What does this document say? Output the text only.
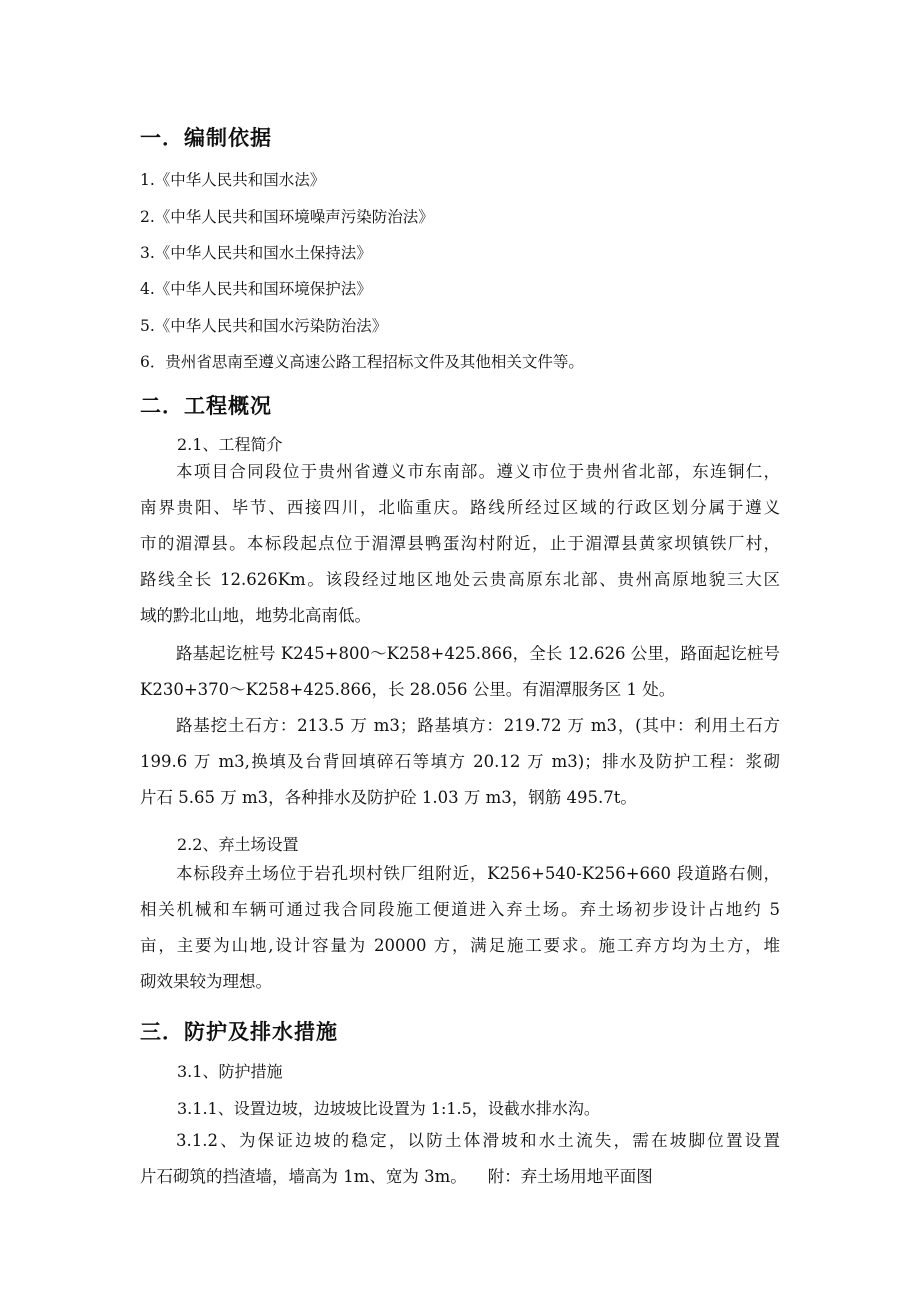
一．编制依据
1.《中华人民共和国水法》
2.《中华人民共和国环境噪声污染防治法》
3.《中华人民共和国水土保持法》
4.《中华人民共和国环境保护法》
5.《中华人民共和国水污染防治法》
6．贵州省思南至遵义高速公路工程招标文件及其他相关文件等。
二．工程概况
2.1、工程简介
本项目合同段位于贵州省遵义市东南部。遵义市位于贵州省北部，东连铜仁，
南界贵阳、毕节、西接四川，北临重庆。路线所经过区域的行政区划分属于遵义
市的湄潭县。本标段起点位于湄潭县鸭蛋沟村附近，止于湄潭县黄家坝镇铁厂村，
路线全长 12.626Km。该段经过地区地处云贵高原东北部、贵州高原地貌三大区
域的黔北山地，地势北高南低。
路基起讫桩号 K245+800～K258+425.866，全长 12.626 公里，路面起讫桩号
K230+370～K258+425.866，长 28.056 公里。有湄潭服务区 1 处。
路基挖土石方：213.5 万 m3；路基填方：219.72 万 m3，(其中：利用土石方
199.6 万 m3,换填及台背回填碎石等填方 20.12 万 m3)；排水及防护工程：浆砌
片石 5.65 万 m3，各种排水及防护砼 1.03 万 m3，钢筋 495.7t。
2.2、弃土场设置
本标段弃土场位于岩孔坝村铁厂组附近，K256+540-K256+660 段道路右侧，
相关机械和车辆可通过我合同段施工便道进入弃土场。弃土场初步设计占地约 5
亩，主要为山地,设计容量为 20000 方，满足施工要求。施工弃方均为土方，堆
砌效果较为理想。
三．防护及排水措施
3.1、防护措施
3.1.1、设置边坡，边坡坡比设置为 1:1.5，设截水排水沟。
3.1.2、为保证边坡的稳定，以防土体滑坡和水土流失，需在坡脚位置设置
片石砌筑的挡渣墙，墙高为 1m、宽为 3m。    附：弃土场用地平面图
